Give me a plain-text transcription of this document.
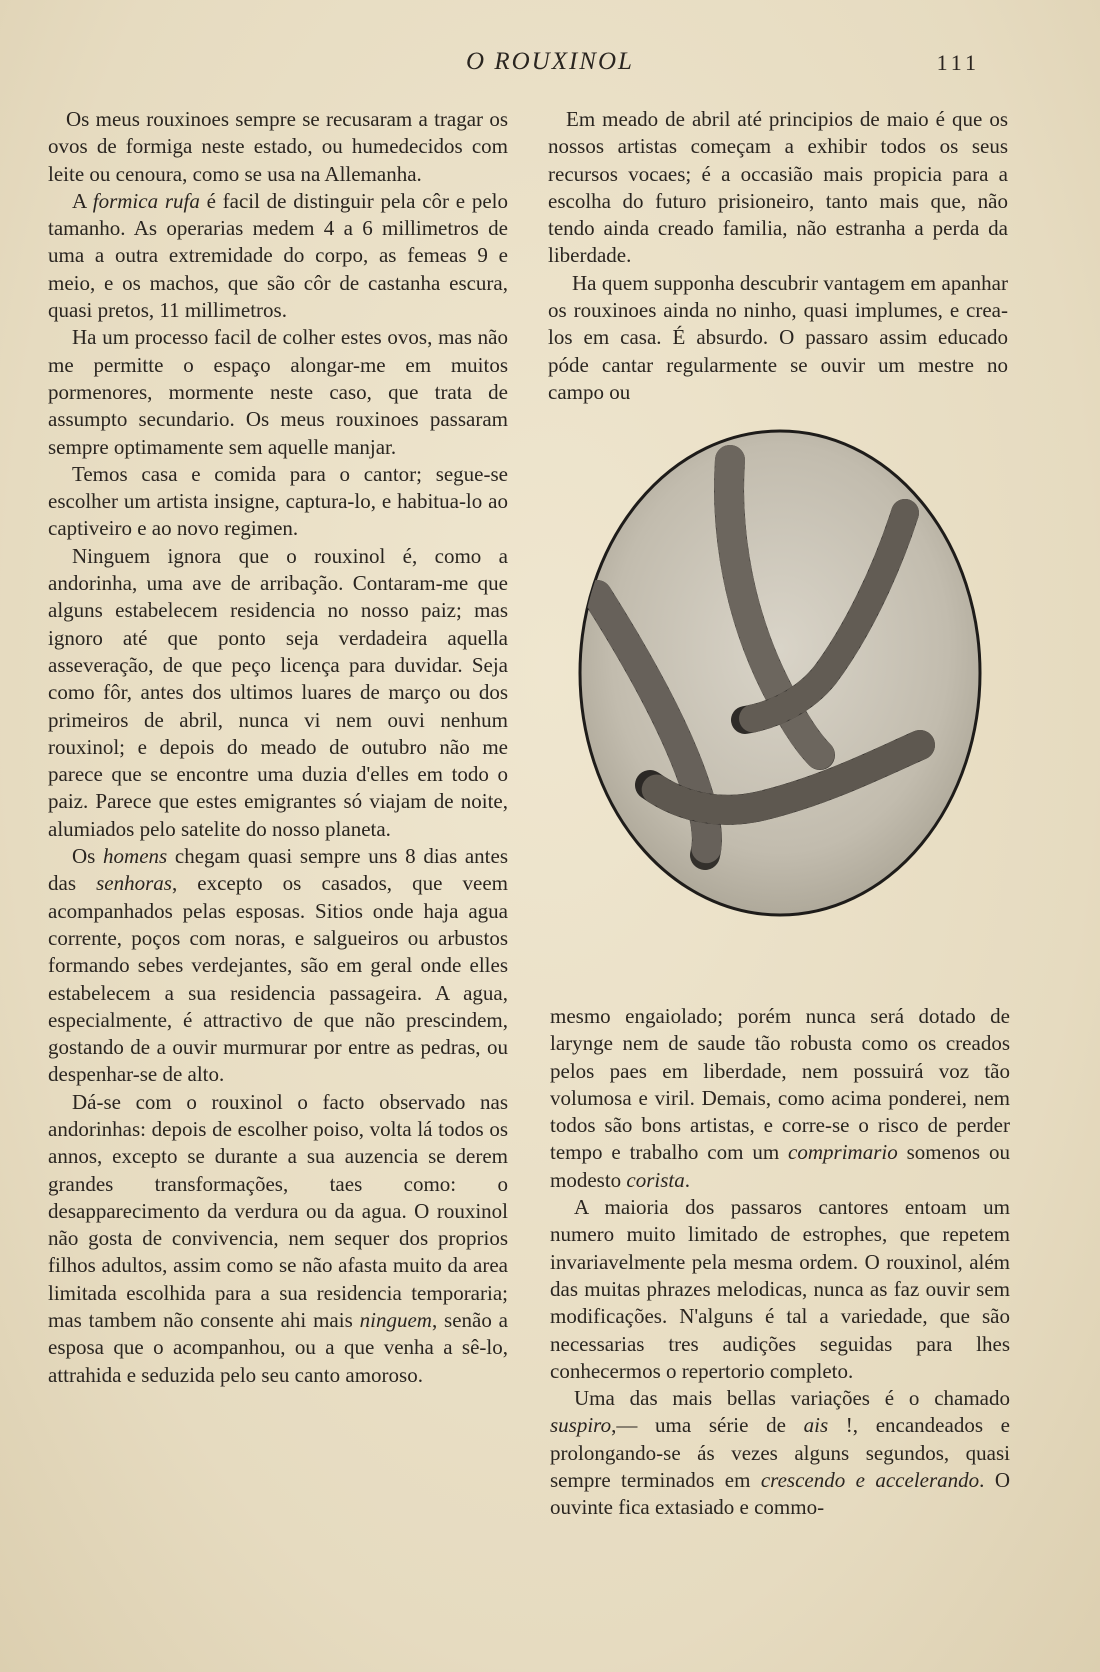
O ROUXINOL	111

Os meus rouxinoes sempre se recusaram a tragar os ovos de formiga neste estado, ou humedecidos com leite ou cenoura, como se usa na Allemanha.

A formica rufa é facil de distinguir pela côr e pelo tamanho. As operarias medem 4 a 6 millimetros de uma a outra extremidade do corpo, as femeas 9 e meio, e os machos, que são côr de castanha escura, quasi pretos, 11 millimetros.

Ha um processo facil de colher estes ovos, mas não me permitte o espaço alongar-me em muitos pormenores, mormente neste caso, que trata de assumpto secundario. Os meus rouxinoes passaram sempre optimamente sem aquelle manjar.

Temos casa e comida para o cantor; segue-se escolher um artista insigne, captura-lo, e habitua-lo ao captiveiro e ao novo regimen.

Ninguem ignora que o rouxinol é, como a andorinha, uma ave de arribação. Contaram-me que alguns estabelecem residencia no nosso paiz; mas ignoro até que ponto seja verdadeira aquella asseveração, de que peço licença para duvidar. Seja como fôr, antes dos ultimos luares de março ou dos primeiros de abril, nunca vi nem ouvi nenhum rouxinol; e depois do meado de outubro não me parece que se encontre uma duzia d'elles em todo o paiz. Parece que estes emigrantes só viajam de noite, alumiados pelo satelite do nosso planeta.

Os homens chegam quasi sempre uns 8 dias antes das senhoras, excepto os casados, que veem acompanhados pelas esposas. Sitios onde haja agua corrente, poços com noras, e salgueiros ou arbustos formando sebes verdejantes, são em geral onde elles estabelecem a sua residencia passageira. A agua, especialmente, é attractivo de que não prescindem, gostando de a ouvir murmurar por entre as pedras, ou despenhar-se de alto.

Dá-se com o rouxinol o facto observado nas andorinhas: depois de escolher poiso, volta lá todos os annos, excepto se durante a sua auzencia se derem grandes transformações, taes como: o desapparecimento da verdura ou da agua. O rouxinol não gosta de convivencia, nem sequer dos proprios filhos adultos, assim como se não afasta muito da area limitada escolhida para a sua residencia temporaria; mas tambem não consente ahi mais ninguem, senão a esposa que o acompanhou, ou a que venha a sê-lo, attrahida e seduzida pelo seu canto amoroso.

Em meado de abril até principios de maio é que os nossos artistas começam a exhibir todos os seus recursos vocaes; é a occasião mais propicia para a escolha do futuro prisioneiro, tanto mais que, não tendo ainda creado familia, não estranha a perda da liberdade.

Ha quem supponha descubrir vantagem em apanhar os rouxinoes ainda no ninho, quasi implumes, e crea-los em casa. É absurdo. O passaro assim educado póde cantar regularmente se ouvir um mestre no campo ou

mesmo engaiolado; porém nunca será dotado de larynge nem de saude tão robusta como os creados pelos paes em liberdade, nem possuirá voz tão volumosa e viril. Demais, como acima ponderei, nem todos são bons artistas, e corre-se o risco de perder tempo e trabalho com um comprimario somenos ou modesto corista.

A maioria dos passaros cantores entoam um numero muito limitado de estrophes, que repetem invariavelmente pela mesma ordem. O rouxinol, além das muitas phrazes melodicas, nunca as faz ouvir sem modificações. N'alguns é tal a variedade, que são necessarias tres audições seguidas para lhes conhecermos o repertorio completo.

Uma das mais bellas variações é o chamado suspiro,— uma série de ais !, encandeados e prolongando-se ás vezes alguns segundos, quasi sempre terminados em crescendo e accelerando. O ouvinte fica extasiado e commo-
